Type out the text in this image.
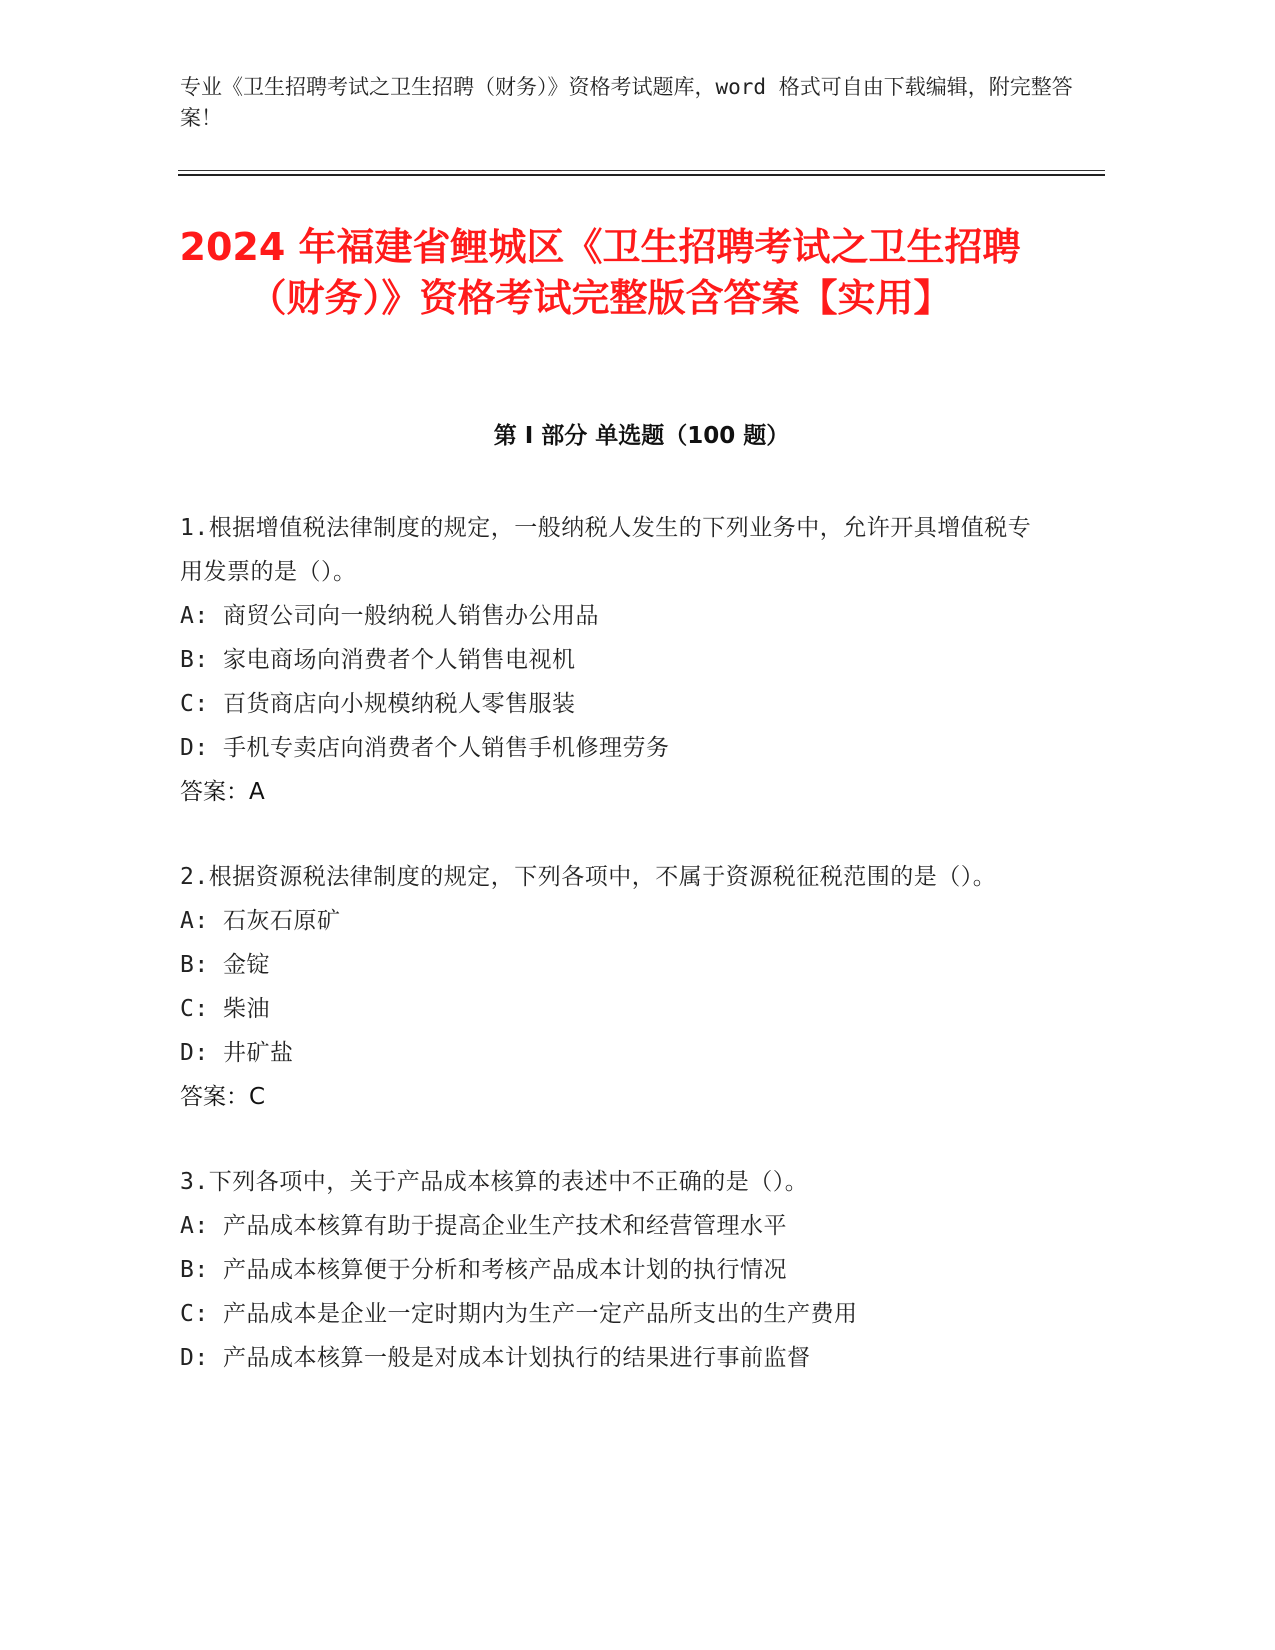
专业《卫生招聘考试之卫生招聘（财务）》资格考试题库，word 格式可自由下载编辑，附完整答案！
2024 年福建省鲤城区《卫生招聘考试之卫生招聘（财务）》资格考试完整版含答案【实用】
第 I 部分 单选题（100 题）
1.根据增值税法律制度的规定，一般纳税人发生的下列业务中，允许开具增值税专用发票的是（）。
A: 商贸公司向一般纳税人销售办公用品
B: 家电商场向消费者个人销售电视机
C: 百货商店向小规模纳税人零售服装
D: 手机专卖店向消费者个人销售手机修理劳务
答案：A
2.根据资源税法律制度的规定，下列各项中，不属于资源税征税范围的是（）。
A: 石灰石原矿
B: 金锭
C: 柴油
D: 井矿盐
答案：C
3.下列各项中，关于产品成本核算的表述中不正确的是（）。
A: 产品成本核算有助于提高企业生产技术和经营管理水平
B: 产品成本核算便于分析和考核产品成本计划的执行情况
C: 产品成本是企业一定时期内为生产一定产品所支出的生产费用
D: 产品成本核算一般是对成本计划执行的结果进行事前监督
